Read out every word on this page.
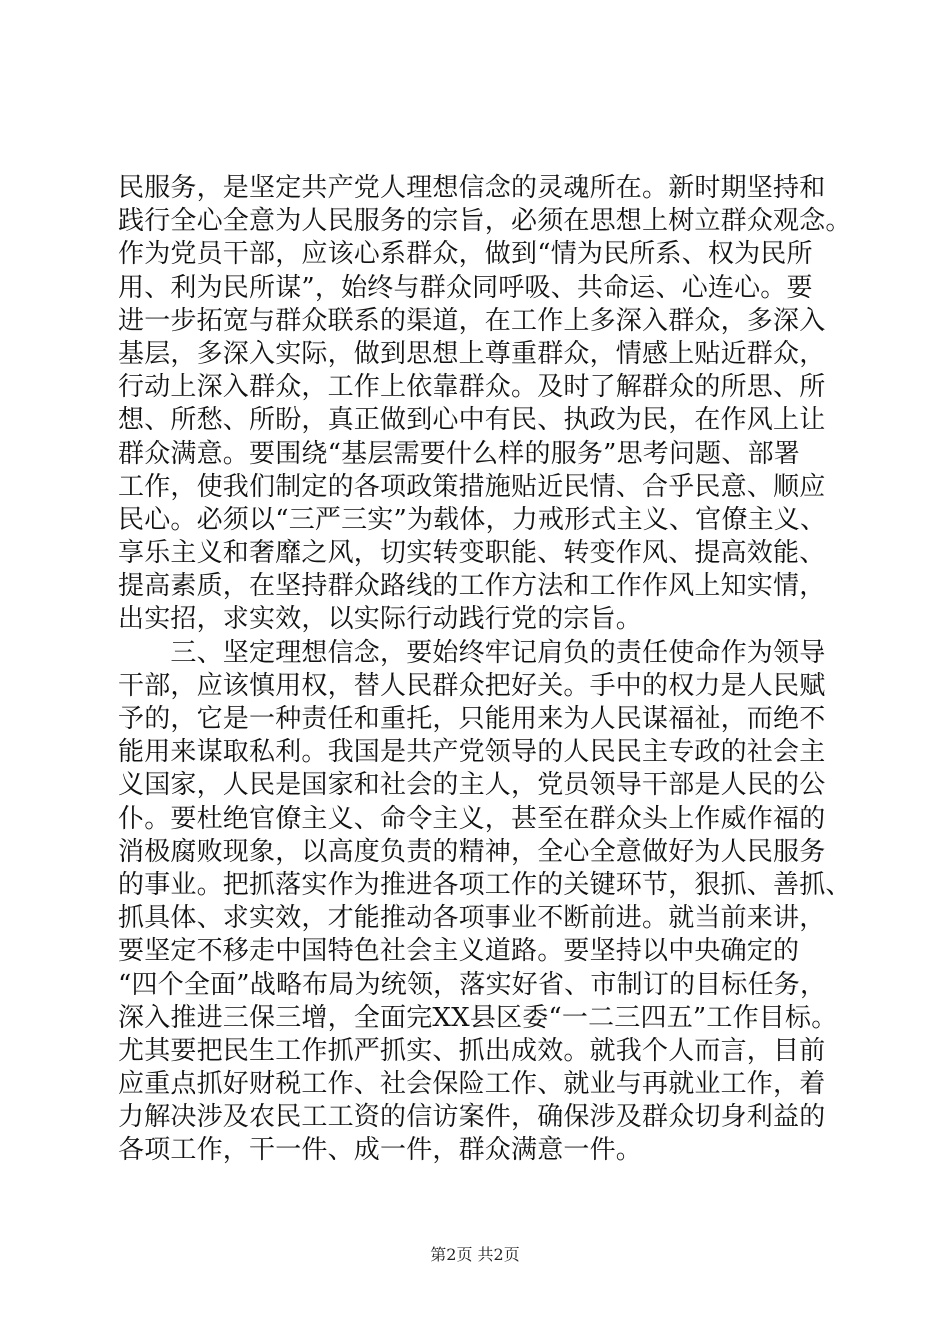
民服务，是坚定共产党人理想信念的灵魂所在。新时期坚持和
践行全心全意为人民服务的宗旨，必须在思想上树立群众观念。
作为党员干部，应该心系群众，做到“情为民所系、权为民所
用、利为民所谋”，始终与群众同呼吸、共命运、心连心。要
进一步拓宽与群众联系的渠道，在工作上多深入群众，多深入
基层，多深入实际，做到思想上尊重群众，情感上贴近群众，
行动上深入群众，工作上依靠群众。及时了解群众的所思、所
想、所愁、所盼，真正做到心中有民、执政为民，在作风上让
群众满意。要围绕“基层需要什么样的服务”思考问题、部署
工作，使我们制定的各项政策措施贴近民情、合乎民意、顺应
民心。必须以“三严三实”为载体，力戒形式主义、官僚主义、
享乐主义和奢靡之风，切实转变职能、转变作风、提高效能、
提高素质，在坚持群众路线的工作方法和工作作风上知实情，
出实招，求实效，以实际行动践行党的宗旨。
　　三、坚定理想信念，要始终牢记肩负的责任使命作为领导
干部，应该慎用权，替人民群众把好关。手中的权力是人民赋
予的，它是一种责任和重托，只能用来为人民谋福祉，而绝不
能用来谋取私利。我国是共产党领导的人民民主专政的社会主
义国家，人民是国家和社会的主人，党员领导干部是人民的公
仆。要杜绝官僚主义、命令主义，甚至在群众头上作威作福的
消极腐败现象，以高度负责的精神，全心全意做好为人民服务
的事业。把抓落实作为推进各项工作的关键环节，狠抓、善抓、
抓具体、求实效，才能推动各项事业不断前进。就当前来讲，
要坚定不移走中国特色社会主义道路。要坚持以中央确定的
“四个全面”战略布局为统领，落实好省、市制订的目标任务，
深入推进三保三增，全面完XX县区委“一二三四五”工作目标。
尤其要把民生工作抓严抓实、抓出成效。就我个人而言，目前
应重点抓好财税工作、社会保险工作、就业与再就业工作，着
力解决涉及农民工工资的信访案件，确保涉及群众切身利益的
各项工作，干一件、成一件，群众满意一件。
第2页 共2页
